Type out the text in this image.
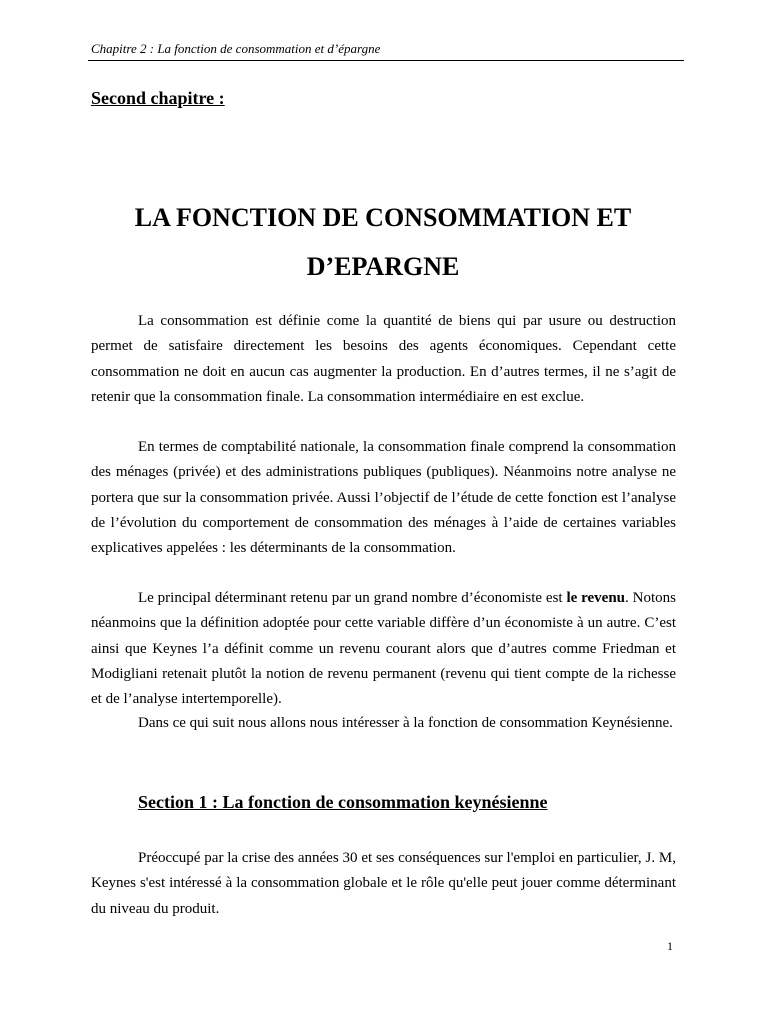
Chapitre 2 : La fonction de consommation et d’épargne
Second chapitre :
LA FONCTION DE CONSOMMATION ET
D’EPARGNE

La consommation est définie come la quantité de biens qui par usure ou destruction permet de satisfaire directement les besoins des agents économiques. Cependant cette consommation ne doit en aucun cas augmenter la production. En d’autres termes, il ne s’agit de retenir que la consommation finale. La consommation intermédiaire en est exclue.

En termes de comptabilité nationale, la consommation finale comprend la consommation des ménages (privée) et des administrations publiques (publiques). Néanmoins notre analyse ne portera que sur la consommation privée. Aussi l’objectif de l’étude de cette fonction est l’analyse de l’évolution du comportement de consommation des ménages à l’aide de certaines variables explicatives appelées : les déterminants de la consommation.

Le principal déterminant retenu par un grand nombre d’économiste est le revenu. Notons néanmoins que la définition adoptée pour cette variable diffère d’un économiste à un autre. C’est ainsi que Keynes l’a définit comme un revenu courant alors que d’autres comme Friedman et Modigliani retenait plutôt la notion de revenu permanent (revenu qui tient compte de la richesse et de l’analyse intertemporelle).

Dans ce qui suit nous allons nous intéresser à la fonction de consommation Keynésienne.

Section 1 : La fonction de consommation keynésienne

Préoccupé par la crise des années 30 et ses conséquences sur l'emploi en particulier, J. M, Keynes s'est intéressé à la consommation globale et le rôle qu'elle peut jouer comme déterminant du niveau du produit.

1
